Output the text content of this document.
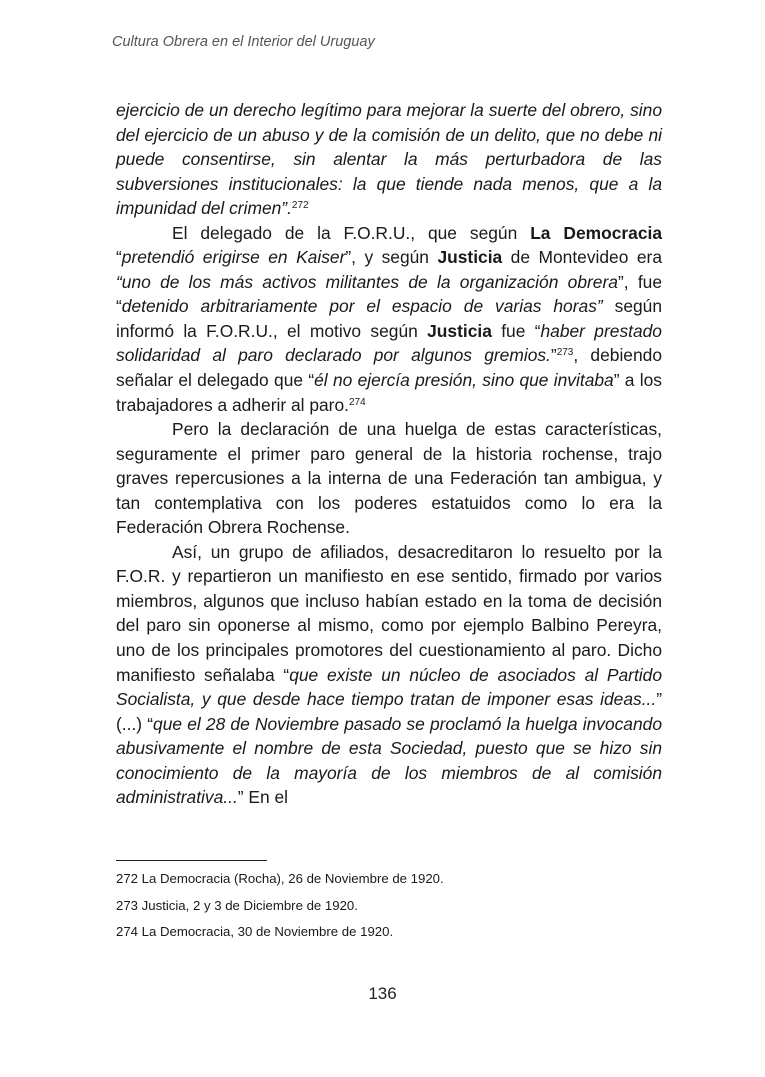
Cultura Obrera en el Interior del Uruguay

ejercicio de un derecho legítimo para mejorar la suerte del obrero, sino del ejercicio de un abuso y de la comisión de un delito, que no debe ni puede consentirse, sin alentar la más perturbadora de las subversiones institucionales: la que tiende nada menos, que a la impunidad del crimen”.$^{272}$

El delegado de la F.O.R.U., que según La Democracia “pretendió erigirse en Kaiser”, y según Justicia de Montevideo era “uno de los más activos militantes de la organización obrera”, fue “detenido arbitrariamente por el espacio de varias horas” según informó la F.O.R.U., el motivo según Justicia fue “haber prestado solidaridad al paro declarado por algunos gremios.”$^{273}$, debiendo señalar el delegado que “él no ejercía presión, sino que invitaba” a los trabajadores a adherir al paro.$^{274}$

Pero la declaración de una huelga de estas características, seguramente el primer paro general de la historia rochense, trajo graves repercusiones a la interna de una Federación tan ambigua, y tan contemplativa con los poderes estatuidos como lo era la Federación Obrera Rochense.

Así, un grupo de afiliados, desacreditaron lo resuelto por la F.O.R. y repartieron un manifiesto en ese sentido, firmado por varios miembros, algunos que incluso habían estado en la toma de decisión del paro sin oponerse al mismo, como por ejemplo Balbino Pereyra, uno de los principales promotores del cuestionamiento al paro. Dicho manifiesto señalaba “que existe un núcleo de asociados al Partido Socialista, y que desde hace tiempo tratan de imponer esas ideas...” (...) “que el 28 de Noviembre pasado se proclamó la huelga invocando abusivamente el nombre de esta Sociedad, puesto que se hizo sin conocimiento de la mayoría de los miembros de al comisión administrativa...” En el

272 La Democracia (Rocha), 26 de Noviembre de 1920.
273 Justicia, 2 y 3 de Diciembre de 1920.
274 La Democracia, 30 de Noviembre de 1920.
136
